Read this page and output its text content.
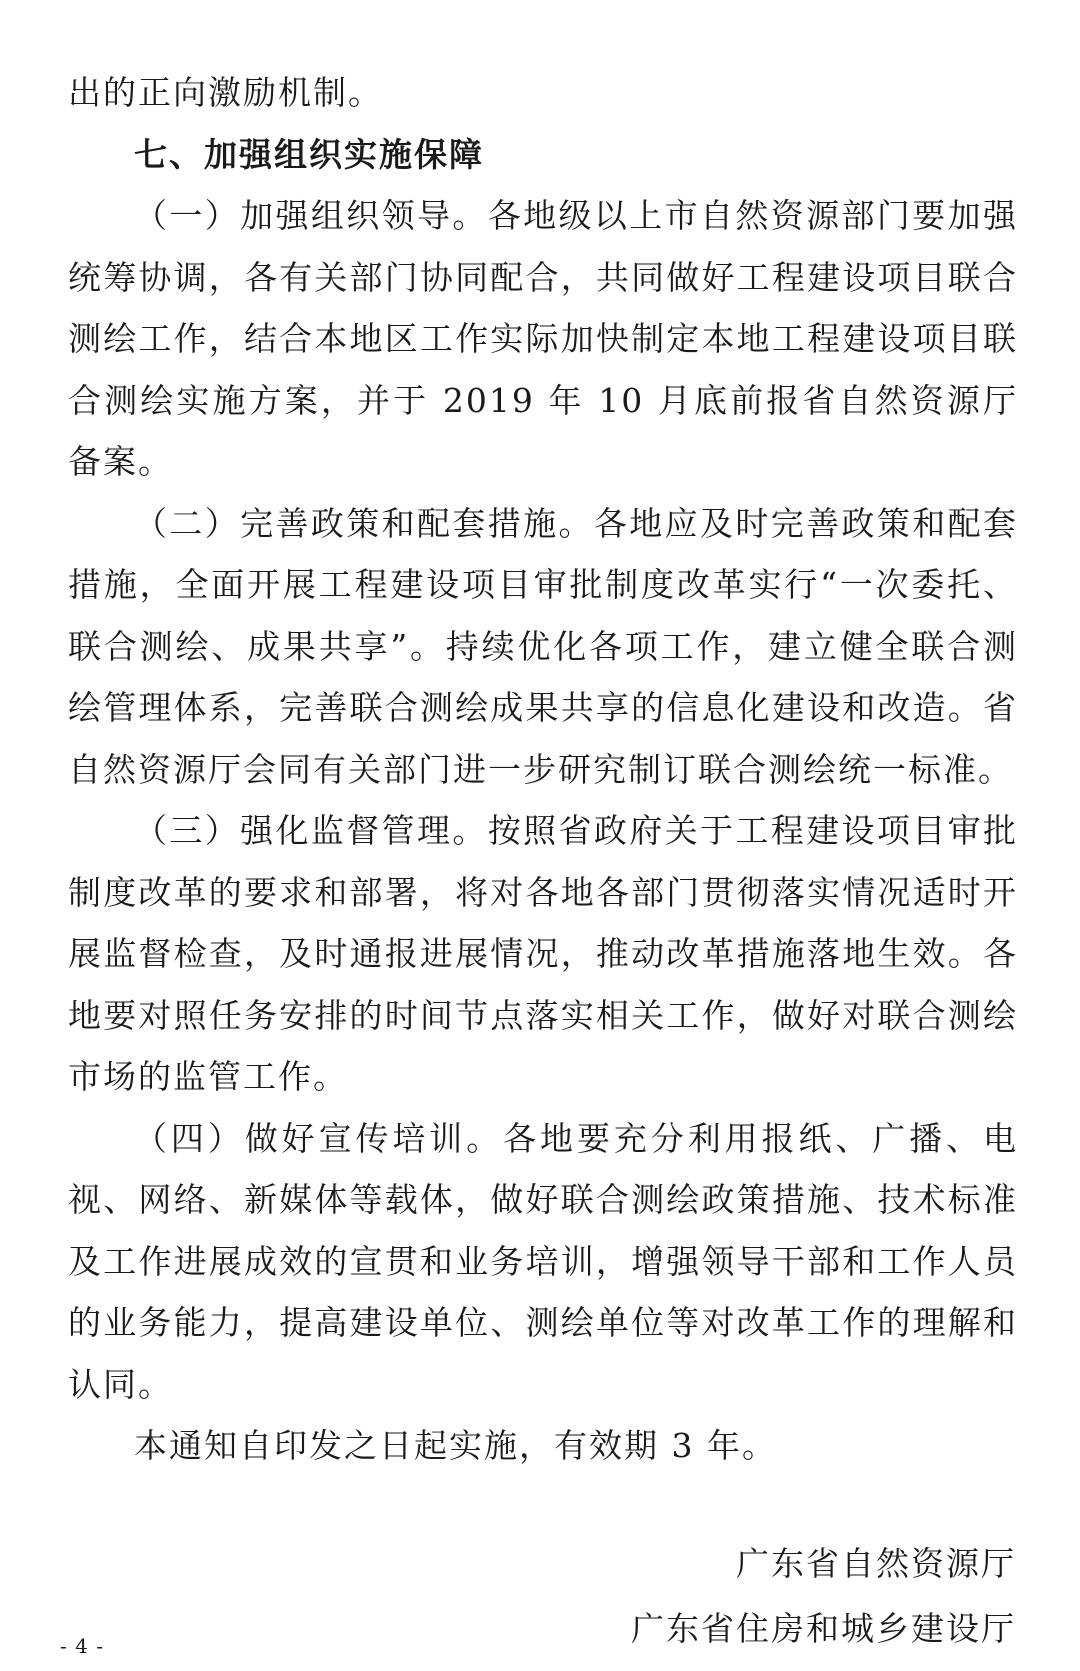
出的正向激励机制。

七、加强组织实施保障

（一）加强组织领导。各地级以上市自然资源部门要加强统筹协调，各有关部门协同配合，共同做好工程建设项目联合测绘工作，结合本地区工作实际加快制定本地工程建设项目联合测绘实施方案，并于 2019 年 10 月底前报省自然资源厅备案。

（二）完善政策和配套措施。各地应及时完善政策和配套措施，全面开展工程建设项目审批制度改革实行“一次委托、联合测绘、成果共享”。持续优化各项工作，建立健全联合测绘管理体系，完善联合测绘成果共享的信息化建设和改造。省自然资源厅会同有关部门进一步研究制订联合测绘统一标准。

（三）强化监督管理。按照省政府关于工程建设项目审批制度改革的要求和部署，将对各地各部门贯彻落实情况适时开展监督检查，及时通报进展情况，推动改革措施落地生效。各地要对照任务安排的时间节点落实相关工作，做好对联合测绘市场的监管工作。

（四）做好宣传培训。各地要充分利用报纸、广播、电视、网络、新媒体等载体，做好联合测绘政策措施、技术标准及工作进展成效的宣贯和业务培训，增强领导干部和工作人员的业务能力，提高建设单位、测绘单位等对改革工作的理解和认同。

本通知自印发之日起实施，有效期 3 年。

广东省自然资源厅

广东省住房和城乡建设厅

- 4 -
